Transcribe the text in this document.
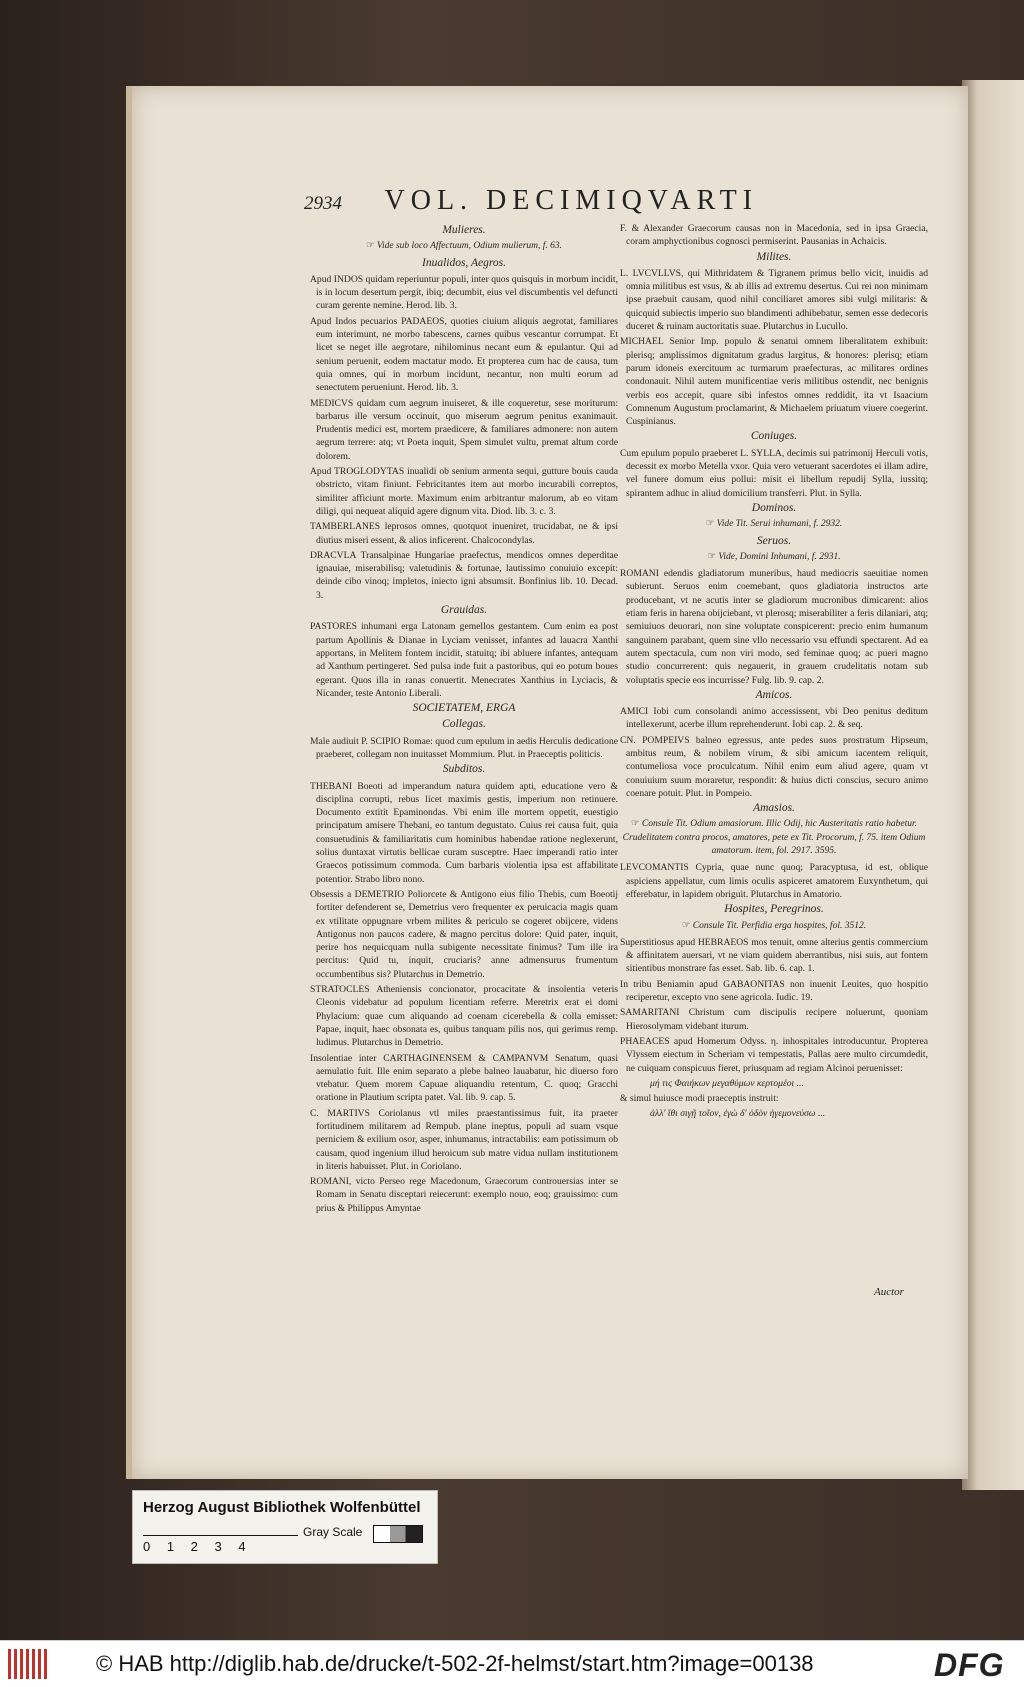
2934 VOL. DECIMIQVARTI

Mulieres.

☞ Vide sub loco Affectuum, Odium mulierum, f. 63.

Inualidos, Aegros.

Apud INDOS quidam reperiuntur populi, inter quos quisquis in morbum incidit, is in locum desertum pergit, ibiq; decumbit, eius vel discumbentis vel defuncti curam gerente nemine. Herod. lib. 3.

Apud Indos pecuarios PADAEOS, quoties ciuium aliquis aegrotat, familiares eum interimunt, ne morbo tabescens, carnes quibus vescantur corrumpat. Et licet se neget ille aegrotare, nihilominus necant eum & epulantur. Qui ad senium peruenit, eodem mactatur modo. Et propterea cum hac de causa, tum quia omnes, qui in morbum incidunt, necantur, non multi eorum ad senectutem perueniunt. Herod. lib. 3.

MEDICVS quidam cum aegrum inuiseret, & ille coqueretur, sese moriturum: barbarus ille versum occinuit, quo miserum aegrum penitus exanimauit. Prudentis medici est, mortem praedicere, & familiares admonere: non autem aegrum terrere: atq; vt Poeta inquit, Spem simulet vultu, premat altum corde dolorem.

Apud TROGLODYTAS inualidi ob senium armenta sequi, gutture bouis cauda obstricto, vitam finiunt. Febricitantes item aut morbo incurabili correptos, similiter afficiunt morte. Maximum enim arbitrantur malorum, ab eo vitam diligi, qui nequeat aliquid agere dignum vita. Diod. lib. 3. c. 3.

TAMBERLANES leprosos omnes, quotquot inueniret, trucidabat, ne & ipsi diutius miseri essent, & alios inficerent. Chalcocondylas.

DRACVLA Transalpinae Hungariae praefectus, mendicos omnes deperditae ignauiae, miserabilisq; valetudinis & fortunae, lautissimo conuiuio excepit: deinde cibo vinoq; impletos, iniecto igni absumsit. Bonfinius lib. 10. Decad. 3.

Grauidas.

PASTORES inhumani erga Latonam gemellos gestantem. Cum enim ea post partum Apollinis & Dianae in Lyciam venisset, infantes ad lauacra Xanthi apportans, in Melitem fontem incidit, statuitq; ibi abluere infantes, antequam ad Xanthum pertingeret. Sed pulsa inde fuit a pastoribus, qui eo potum boues egerant. Quos illa in ranas conuertit. Menecrates Xanthius in Lyciacis, & Nicander, teste Antonio Liberali.

SOCIETATEM, ERGA

Collegas.

Male audiuit P. SCIPIO Romae: quod cum epulum in aedis Herculis dedicatione praeberet, collegam non inuitasset Mommium. Plut. in Praeceptis politicis.

Subditos.

THEBANI Boeoti ad imperandum natura quidem apti, educatione vero & disciplina corrupti, rebus licet maximis gestis, imperium non retinuere. Documento extitit Epaminondas. Vbi enim ille mortem oppetit, euestigio principatum amisere Thebani, eo tantum degustato. Cuius rei causa fuit, quia consuetudinis & familiaritatis cum hominibus habendae ratione neglexerunt, solius duntaxat virtutis bellicae curam susceptre. Haec imperandi ratio inter Graecos potissimum commoda. Cum barbaris violentia ipsa est affabilitate potentior. Strabo libro nono.

Obsessis a DEMETRIO Poliorcete & Antigono eius filio Thebis, cum Boeotij fortiter defenderent se, Demetrius vero frequenter ex peruicacia magis quam ex vtilitate oppugnare vrbem milites & periculo se cogeret obijcere, videns Antigonus non paucos cadere, & magno percitus dolore: Quid pater, inquit, perire hos nequicquam nulla subigente necessitate finimus? Tum ille ira percitus: Quid tu, inquit, cruciaris? anne admensurus frumentum occumbentibus sis? Plutarchus in Demetrio.

STRATOCLES Atheniensis concionator, procacitate & insolentia veteris Cleonis videbatur ad populum licentiam referre. Meretrix erat ei domi Phylacium: quae cum aliquando ad coenam cicerebella & colla emisset: Papae, inquit, haec obsonata es, quibus tanquam pilis nos, qui gerimus remp. ludimus. Plutarchus in Demetrio.

Insolentiae inter CARTHAGINENSEM & CAMPANVM Senatum, quasi aemulatio fuit. Ille enim separato a plebe balneo lauabatur, hic diuerso foro vtebatur. Quem morem Capuae aliquandiu retentum, C. quoq; Gracchi oratione in Plautium scripta patet. Val. lib. 9. cap. 5.

C. MARTIVS Coriolanus vtl miles praestantissimus fuit, ita praeter fortitudinem militarem ad Rempub. plane ineptus, populi ad suam vsque perniciem & exilium osor, asper, inhumanus, intractabilis: eam potissimum ob causam, quod ingenium illud heroicum sub matre vidua nullam institutionem in literis habuisset. Plut. in Coriolano.

ROMANI, victo Perseo rege Macedonum, Graecorum controuersias inter se Romam in Senatu disceptari reiecerunt: exemplo nouo, eoq; grauissimo: cum prius & Philippus Amyntae

F. & Alexander Graecorum causas non in Macedonia, sed in ipsa Graecia, coram amphyctionibus cognosci permiserint. Pausanias in Achaicis.

Milites.

L. LVCVLLVS, qui Mithridatem & Tigranem primus bello vicit, inuidis ad omnia militibus est vsus, & ab illis ad extremu desertus. Cui rei non minimam ipse praebuit causam, quod nihil conciliaret amores sibi vulgi militaris: & quicquid subiectis imperio suo blandimenti adhibebatur, semen esse dedecoris duceret & ruinam auctoritatis suae. Plutarchus in Lucullo.

MICHAEL Senior Imp. populo & senatui omnem liberalitatem exhibuit: plerisq; amplissimos dignitatum gradus largitus, & honores: plerisq; etiam parum idoneis exercituum ac turmarum praefecturas, ac militares ordines condonauit. Nihil autem munificentiae veris militibus ostendit, nec benignis verbis eos accepit, quare sibi infestos omnes reddidit, ita vt Isaacium Comnenum Augustum proclamarint, & Michaelem priuatum viuere coegerint. Cuspinianus.

Coniuges.

Cum epulum populo praeberet L. SYLLA, decimis sui patrimonij Herculi votis, decessit ex morbo Metella vxor. Quia vero vetuerant sacerdotes ei illam adire, vel funere domum eius pollui: misit ei libellum repudij Sylla, iussitq; spirantem adhuc in aliud domicilium transferri. Plut. in Sylla.

Dominos.

☞ Vide Tit. Serui inhumani, f. 2932.

Seruos.

☞ Vide, Domini Inhumani, f. 2931.

ROMANI edendis gladiatorum muneribus, haud mediocris saeuitiae nomen subierunt. Seruos enim coemebant, quos gladiatoria instructos arte producebant, vt ne acutis inter se gladiorum mucronibus dimicarent: alios etiam feris in harena obijciebant, vt plerosq; miserabiliter a feris dilaniari, atq; semiuiuos deuorari, non sine voluptate conspicerent: precio enim humanum sanguinem parabant, quem sine vllo necessario vsu effundi spectarent. Ad ea autem spectacula, cum non viri modo, sed feminae quoq; ac pueri magno studio concurrerent: quis negauerit, in grauem crudelitatis notam sub voluptatis specie eos incurrisse? Fulg. lib. 9. cap. 2.

Amicos.

AMICI Iobi cum consolandi animo accessissent, vbi Deo penitus deditum intellexerunt, acerbe illum reprehenderunt. Iobi cap. 2. & seq.

CN. POMPEIVS balneo egressus, ante pedes suos prostratum Hipseum, ambitus reum, & nobilem virum, & sibi amicum iacentem reliquit, contumeliosa voce proculcatum. Nihil enim eum aliud agere, quam vt conuiuium suum moraretur, respondit: & huius dicti conscius, securo animo coenare potuit. Plut. in Pompeio.

Amasios.

☞ Consule Tit. Odium amasiorum. Illic Odij, hic Austeritatis ratio habetur. Crudelitatem contra procos, amatores, pete ex Tit. Procorum, f. 75. item Odium amatorum. item, fol. 2917. 3595.

LEVCOMANTIS Cypria, quae nunc quoq; Paracyptusa, id est, oblique aspiciens appellatur, cum limis oculis aspiceret amatorem Euxynthetum, qui efferebatur, in lapidem obriguit. Plutarchus in Amatorio.

Hospites, Peregrinos.

☞ Consule Tit. Perfidia erga hospites, fol. 3512.

Superstitiosus apud HEBRAEOS mos tenuit, omne alterius gentis commercium & affinitatem auersari, vt ne viam quidem aberrantibus, nisi suis, aut fontem sitientibus monstrare fas esset. Sab. lib. 6. cap. 1.

In tribu Beniamin apud GABAONITAS non inuenit Leuites, quo hospitio reciperetur, excepto vno sene agricola. Iudic. 19.

SAMARITANI Christum cum discipulis recipere noluerunt, quoniam Hierosolymam videbant iturum.

PHAEACES apud Homerum Odyss. η. inhospitales introducuntur. Propterea Vlyssem eiectum in Scheriam vi tempestatis, Pallas aere multo circumdedit, ne cuiquam conspicuus fieret, priusquam ad regiam Alcinoi peruenisset:

μή τις Φαιήκων μεγαθύμων κερτομέοι ...

& simul huiusce modi praeceptis instruit:

ἀλλ' ἴθι σιγῇ τοῖον, ἐγὼ δ' ὁδὸν ἡγεμονεύσω ...

Auctor
Herzog August Bibliothek Wolfenbüttel
0 1 2 3 4
Gray Scale
© HAB http://diglib.hab.de/drucke/t-502-2f-helmst/start.htm?image=00138	DFG
